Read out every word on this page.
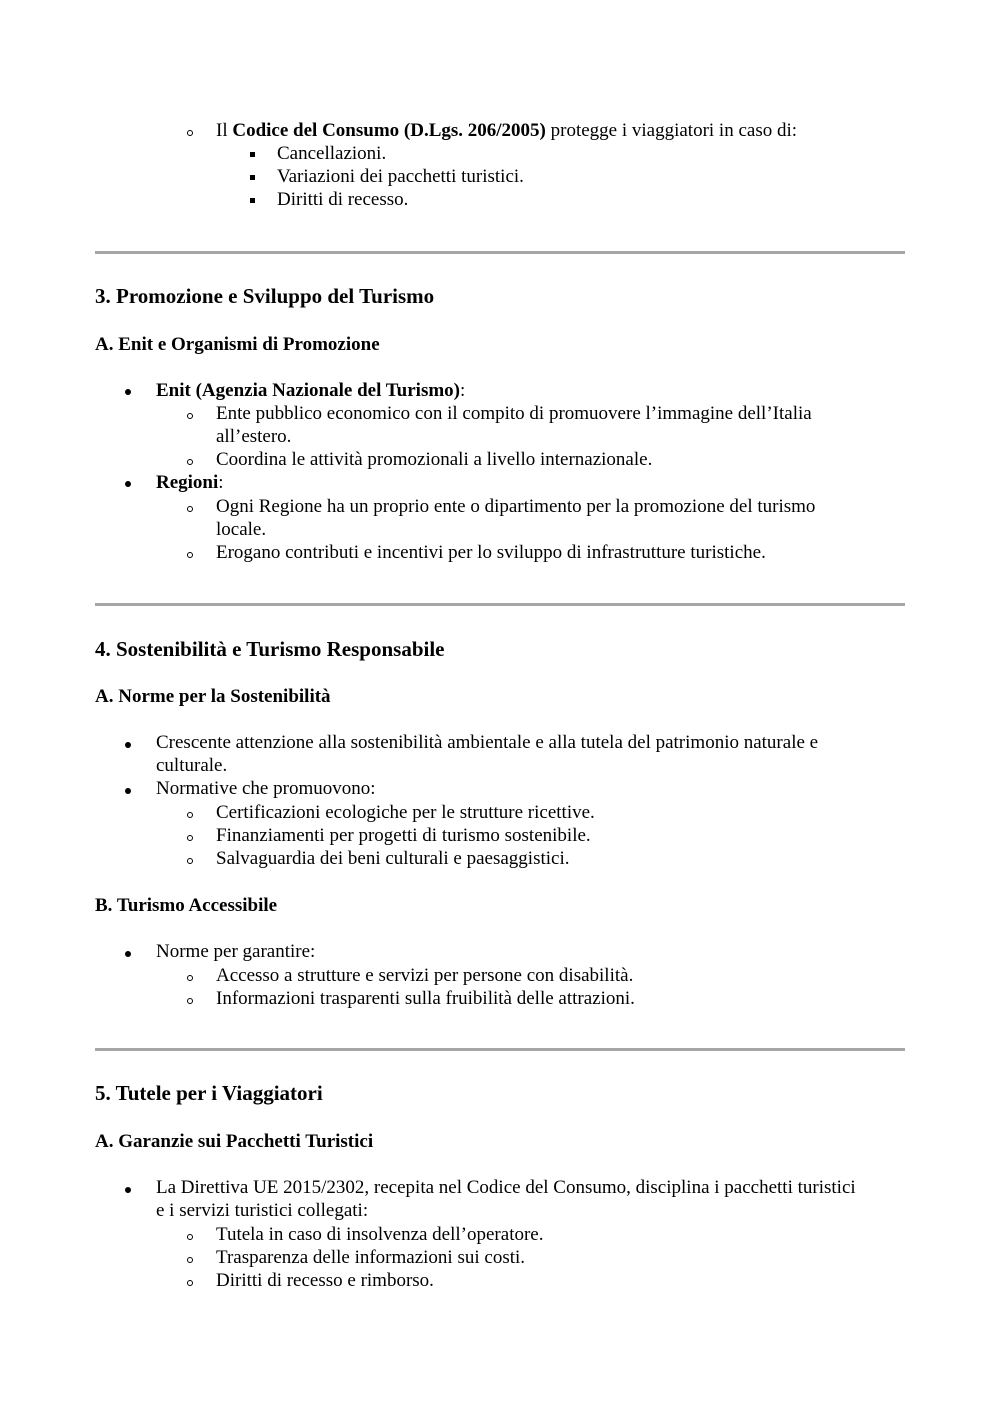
Il Codice del Consumo (D.Lgs. 206/2005) protegge i viaggiatori in caso di:
Cancellazioni.
Variazioni dei pacchetti turistici.
Diritti di recesso.
3. Promozione e Sviluppo del Turismo
A. Enit e Organismi di Promozione
Enit (Agenzia Nazionale del Turismo):
Ente pubblico economico con il compito di promuovere l’immagine dell’Italia
all’estero.
Coordina le attività promozionali a livello internazionale.
Regioni:
Ogni Regione ha un proprio ente o dipartimento per la promozione del turismo
locale.
Erogano contributi e incentivi per lo sviluppo di infrastrutture turistiche.
4. Sostenibilità e Turismo Responsabile
A. Norme per la Sostenibilità
Crescente attenzione alla sostenibilità ambientale e alla tutela del patrimonio naturale e
culturale.
Normative che promuovono:
Certificazioni ecologiche per le strutture ricettive.
Finanziamenti per progetti di turismo sostenibile.
Salvaguardia dei beni culturali e paesaggistici.
B. Turismo Accessibile
Norme per garantire:
Accesso a strutture e servizi per persone con disabilità.
Informazioni trasparenti sulla fruibilità delle attrazioni.
5. Tutele per i Viaggiatori
A. Garanzie sui Pacchetti Turistici
La Direttiva UE 2015/2302, recepita nel Codice del Consumo, disciplina i pacchetti turistici
e i servizi turistici collegati:
Tutela in caso di insolvenza dell’operatore.
Trasparenza delle informazioni sui costi.
Diritti di recesso e rimborso.
